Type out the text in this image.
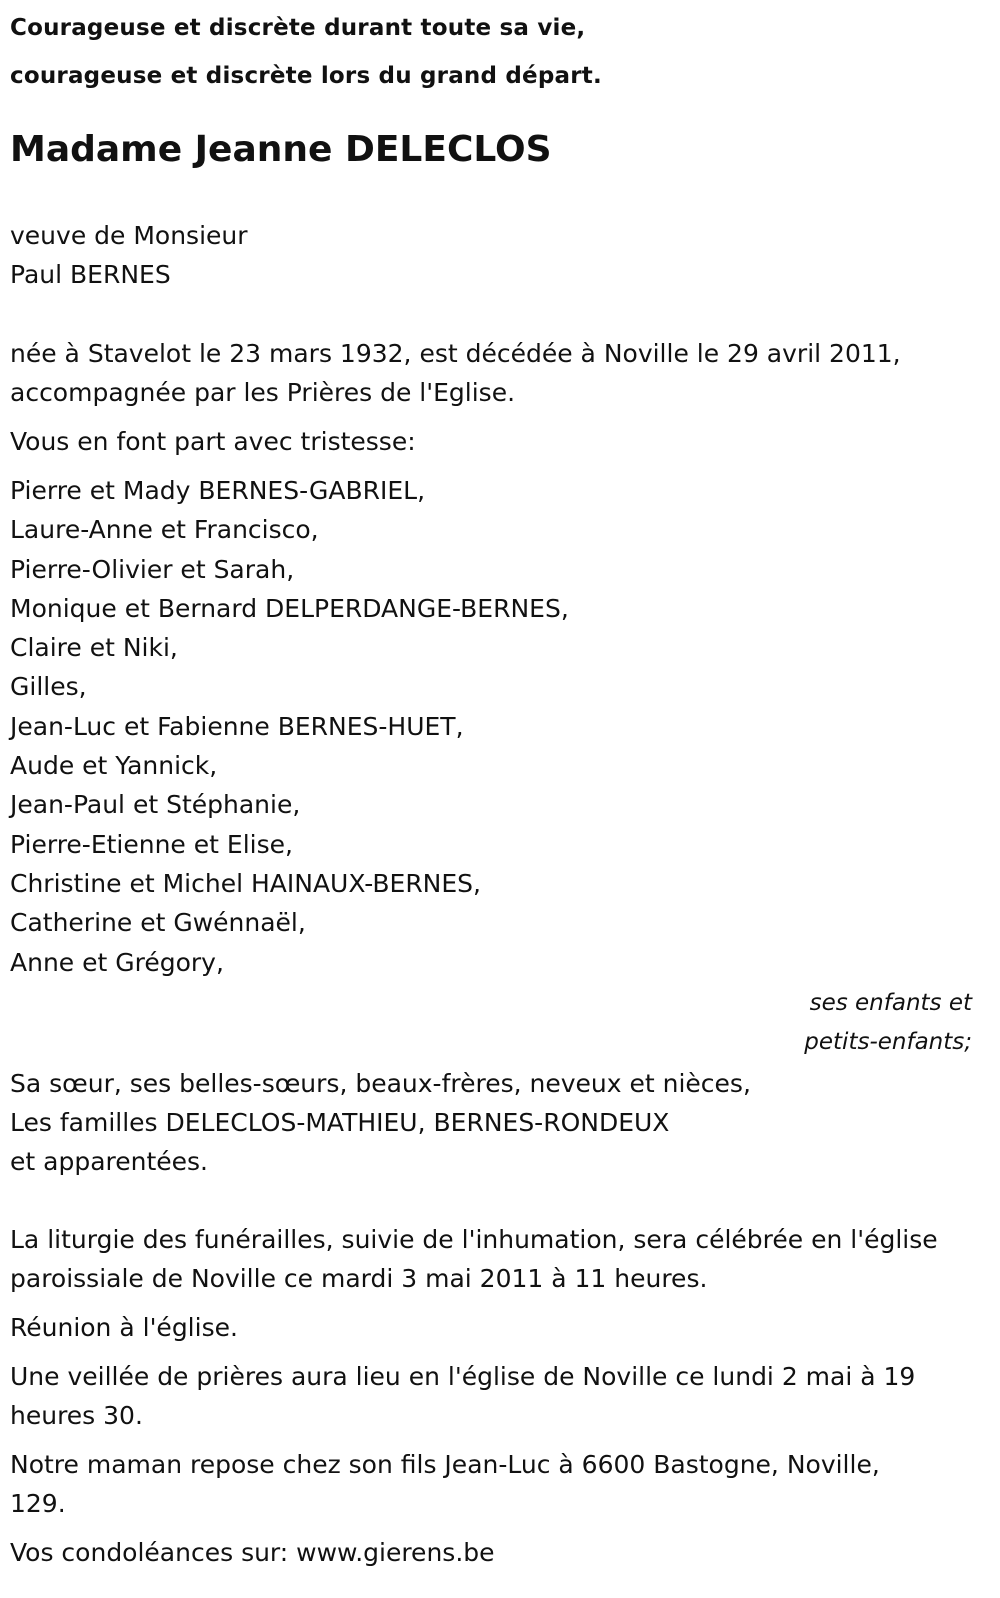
Courageuse et discrète durant toute sa vie,

courageuse et discrète lors du grand départ.

Madame Jeanne DELECLOS

veuve de Monsieur

Paul BERNES

née à Stavelot le 23 mars 1932, est décédée à Noville le 29 avril 2011,

accompagnée par les Prières de l'Eglise.

Vous en font part avec tristesse:

Pierre et Mady BERNES-GABRIEL,
Laure-Anne et Francisco,
Pierre-Olivier et Sarah,
Monique et Bernard DELPERDANGE-BERNES,
Claire et Niki,
Gilles,
Jean-Luc et Fabienne BERNES-HUET,
Aude et Yannick,
Jean-Paul et Stéphanie,
Pierre-Etienne et Elise,
Christine et Michel HAINAUX-BERNES,
Catherine et Gwénnaël,
Anne et Grégory,
ses enfants et
petits-enfants;

Sa sœur, ses belles-sœurs, beaux-frères, neveux et nièces,

Les familles DELECLOS-MATHIEU, BERNES-RONDEUX

et apparentées.

La liturgie des funérailles, suivie de l'inhumation, sera célébrée en l'église

paroissiale de Noville ce mardi 3 mai 2011 à 11 heures.

Réunion à l'église.

Une veillée de prières aura lieu en l'église de Noville ce lundi 2 mai à 19

heures 30.

Notre maman repose chez son fils Jean-Luc à 6600 Bastogne, Noville,

129.

Vos condoléances sur: www.gierens.be
